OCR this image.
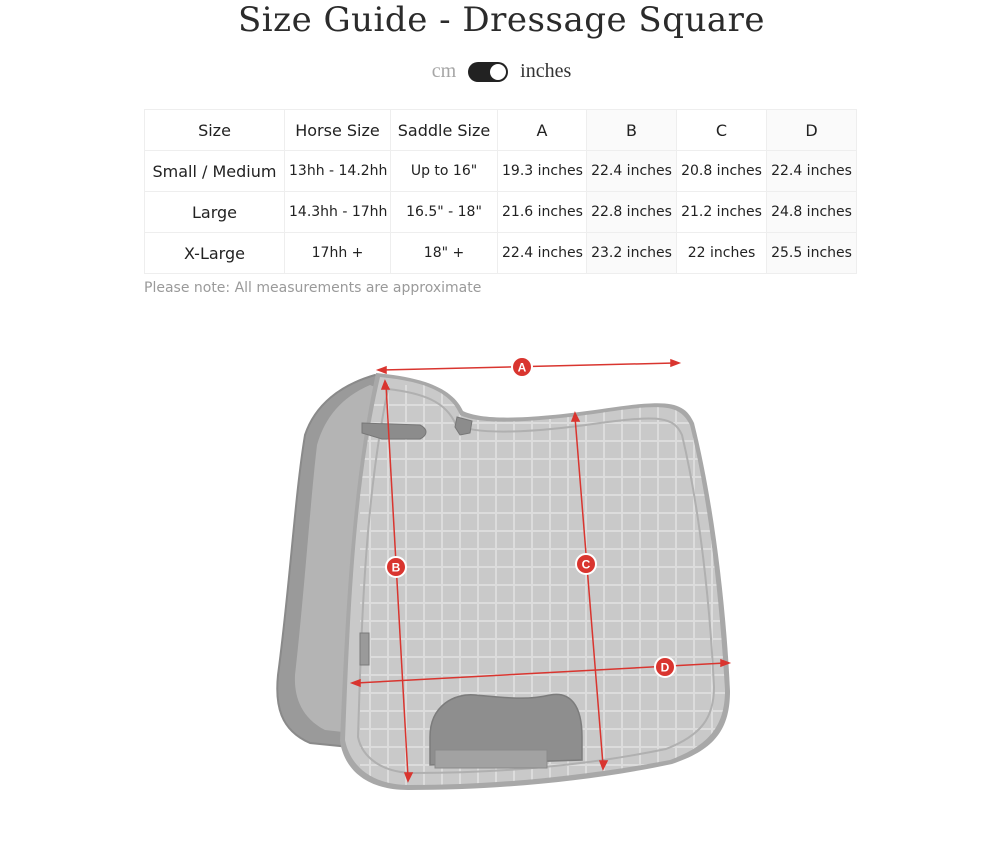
Size Guide - Dressage Square
cm	inches
Size	Horse Size	Saddle Size	A	B	C	D
Small / Medium	13hh - 14.2hh	Up to 16"	19.3 inches	22.4 inches	20.8 inches	22.4 inches
Large	14.3hh - 17hh	16.5" - 18"	21.6 inches	22.8 inches	21.2 inches	24.8 inches
X-Large	17hh +	18" +	22.4 inches	23.2 inches	22 inches	25.5 inches
Please note: All measurements are approximate
A
B	C
D
